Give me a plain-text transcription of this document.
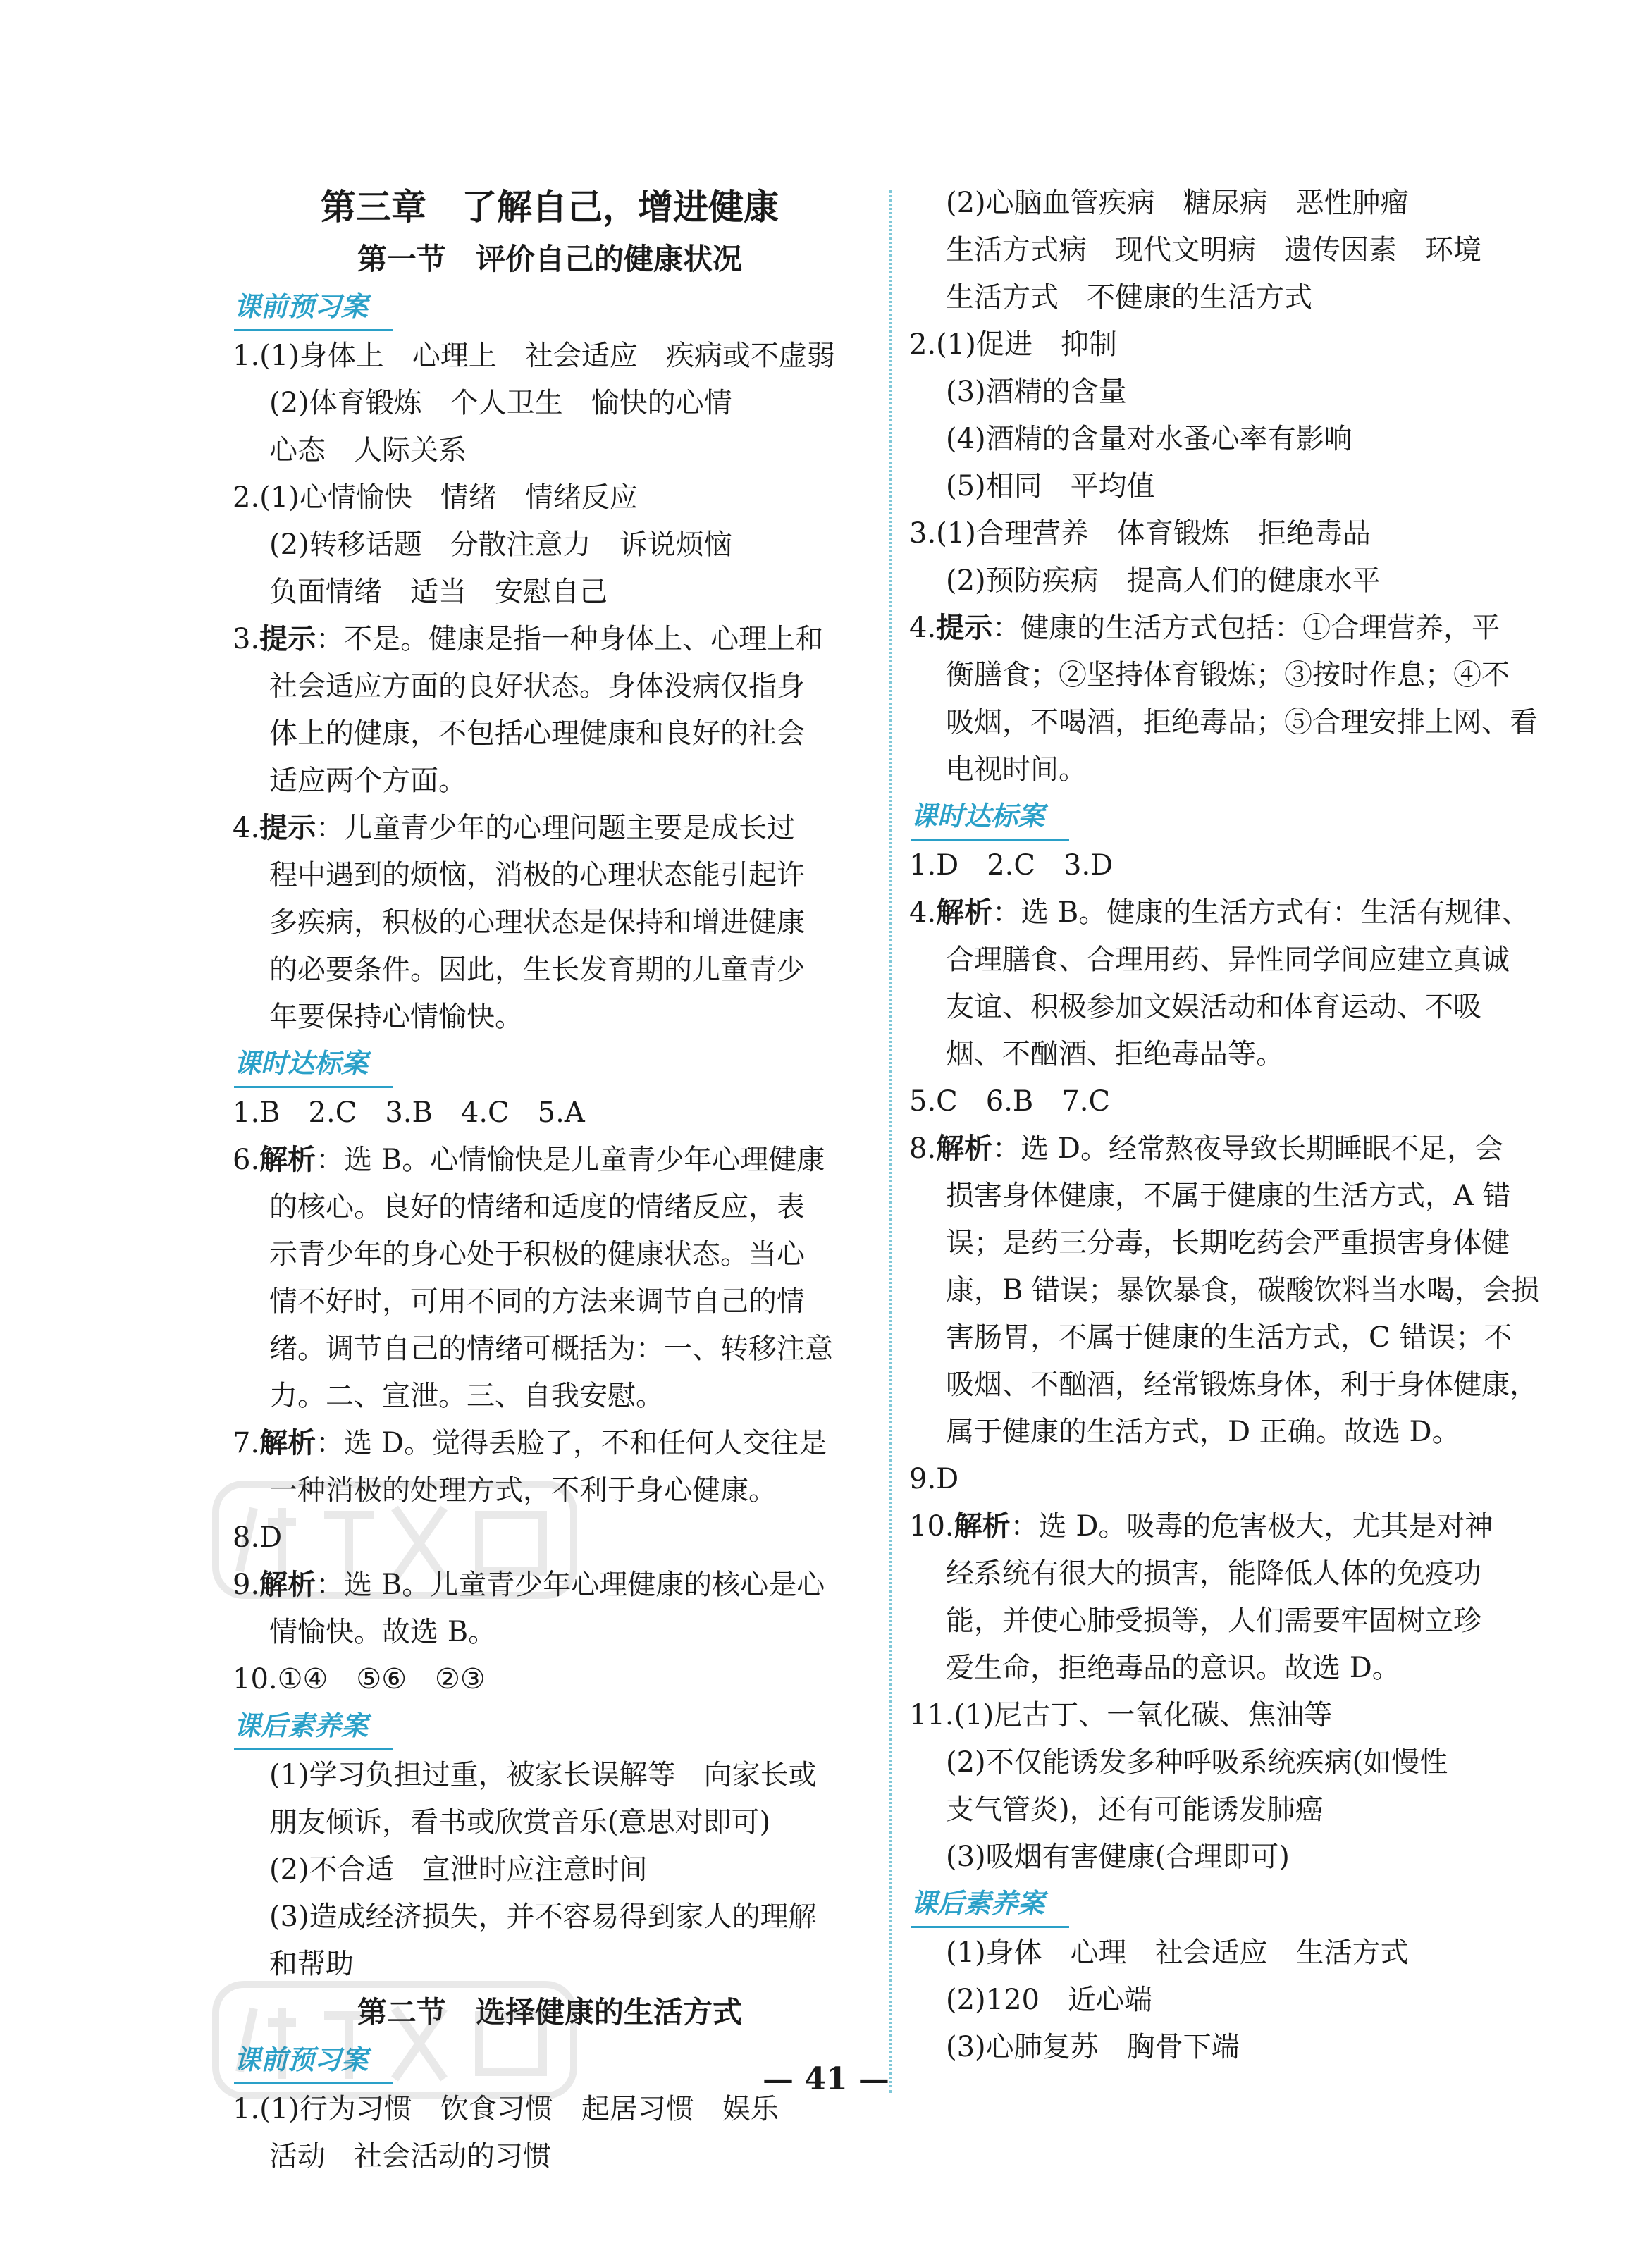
第三章　了解自己，增进健康
第一节　评价自己的健康状况
课前预习案
1.(1)身体上　心理上　社会适应　疾病或不虚弱
(2)体育锻炼　个人卫生　愉快的心情
心态　人际关系
2.(1)心情愉快　情绪　情绪反应
(2)转移话题　分散注意力　诉说烦恼
负面情绪　适当　安慰自己
3.提示：不是。健康是指一种身体上、心理上和
社会适应方面的良好状态。身体没病仅指身
体上的健康，不包括心理健康和良好的社会
适应两个方面。
4.提示：儿童青少年的心理问题主要是成长过
程中遇到的烦恼，消极的心理状态能引起许
多疾病，积极的心理状态是保持和增进健康
的必要条件。因此，生长发育期的儿童青少
年要保持心情愉快。
课时达标案
1.B　2.C　3.B　4.C　5.A
6.解析：选 B。心情愉快是儿童青少年心理健康
的核心。良好的情绪和适度的情绪反应，表
示青少年的身心处于积极的健康状态。当心
情不好时，可用不同的方法来调节自己的情
绪。调节自己的情绪可概括为：一、转移注意
力。二、宣泄。三、自我安慰。
7.解析：选 D。觉得丢脸了，不和任何人交往是
一种消极的处理方式，不利于身心健康。
8.D
9.解析：选 B。儿童青少年心理健康的核心是心
情愉快。故选 B。
10.①④　⑤⑥　②③
课后素养案
(1)学习负担过重，被家长误解等　向家长或
朋友倾诉，看书或欣赏音乐(意思对即可)
(2)不合适　宣泄时应注意时间
(3)造成经济损失，并不容易得到家人的理解
和帮助
第二节　选择健康的生活方式
课前预习案
1.(1)行为习惯　饮食习惯　起居习惯　娱乐
活动　社会活动的习惯
(2)心脑血管疾病　糖尿病　恶性肿瘤
生活方式病　现代文明病　遗传因素　环境
生活方式　不健康的生活方式
2.(1)促进　抑制
(3)酒精的含量
(4)酒精的含量对水蚤心率有影响
(5)相同　平均值
3.(1)合理营养　体育锻炼　拒绝毒品
(2)预防疾病　提高人们的健康水平
4.提示：健康的生活方式包括：①合理营养，平
衡膳食；②坚持体育锻炼；③按时作息；④不
吸烟，不喝酒，拒绝毒品；⑤合理安排上网、看
电视时间。
课时达标案
1.D　2.C　3.D
4.解析：选 B。健康的生活方式有：生活有规律、
合理膳食、合理用药、异性同学间应建立真诚
友谊、积极参加文娱活动和体育运动、不吸
烟、不酗酒、拒绝毒品等。
5.C　6.B　7.C
8.解析：选 D。经常熬夜导致长期睡眠不足，会
损害身体健康，不属于健康的生活方式，A 错
误；是药三分毒，长期吃药会严重损害身体健
康，B 错误；暴饮暴食，碳酸饮料当水喝，会损
害肠胃，不属于健康的生活方式，C 错误；不
吸烟、不酗酒，经常锻炼身体，利于身体健康，
属于健康的生活方式，D 正确。故选 D。
9.D
10.解析：选 D。吸毒的危害极大，尤其是对神
经系统有很大的损害，能降低人体的免疫功
能，并使心肺受损等，人们需要牢固树立珍
爱生命，拒绝毒品的意识。故选 D。
11.(1)尼古丁、一氧化碳、焦油等
(2)不仅能诱发多种呼吸系统疾病(如慢性
支气管炎)，还有可能诱发肺癌
(3)吸烟有害健康(合理即可)
课后素养案
(1)身体　心理　社会适应　生活方式
(2)120　近心端
(3)心肺复苏　胸骨下端
— 41 —
